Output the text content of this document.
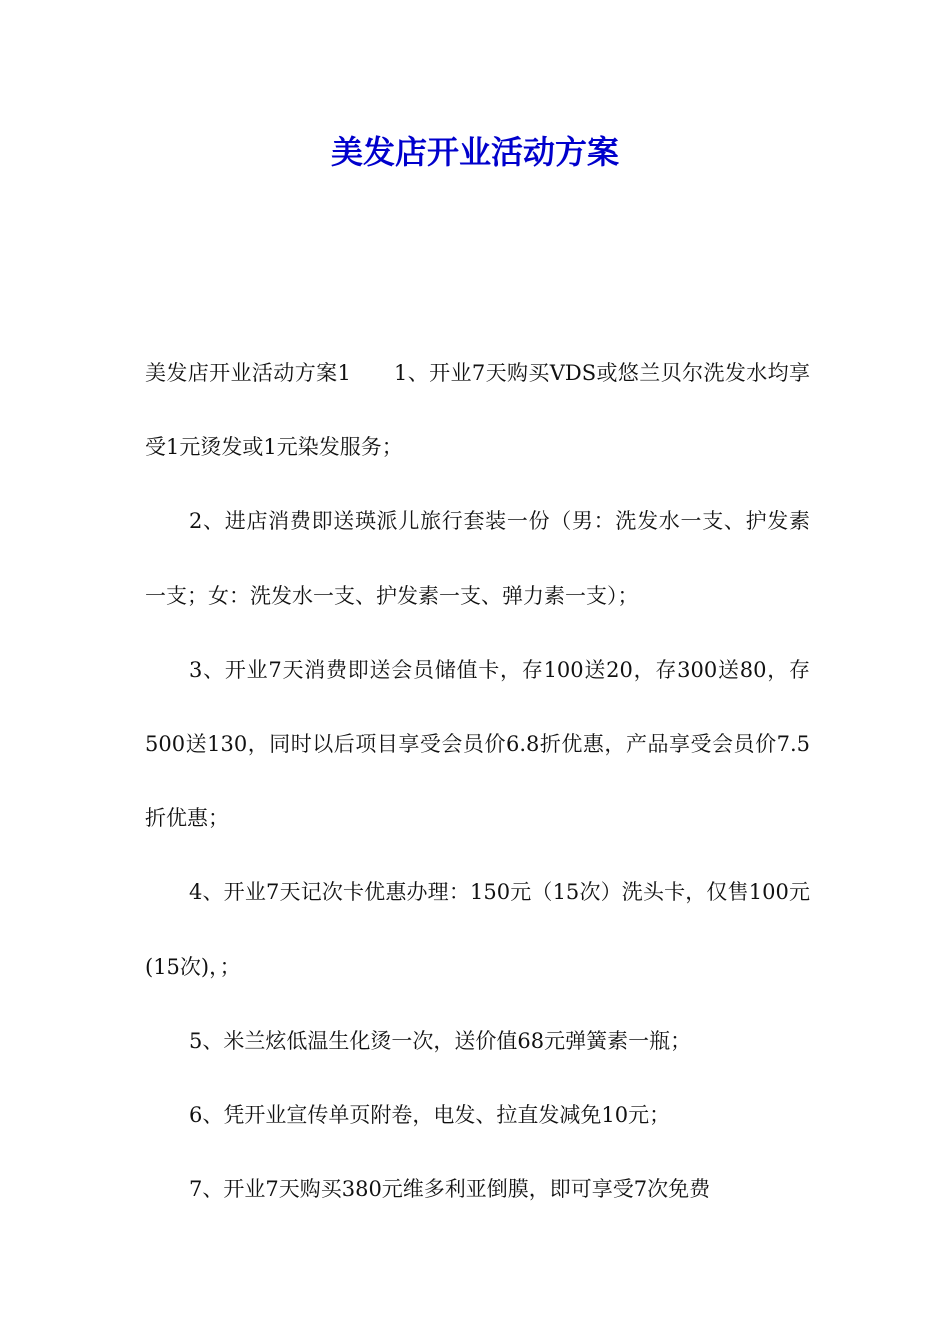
美发店开业活动方案

美发店开业活动方案1　　1、开业7天购买VDS或悠兰贝尔洗发水均享受1元烫发或1元染发服务；

2、进店消费即送瑛派儿旅行套装一份（男：洗发水一支、护发素一支；女：洗发水一支、护发素一支、弹力素一支）；

3、开业7天消费即送会员储值卡，存100送20，存300送80，存500送130，同时以后项目享受会员价6.8折优惠，产品享受会员价7.5折优惠；

4、开业7天记次卡优惠办理：150元（15次）洗头卡，仅售100元(15次)，；

5、米兰炫低温生化烫一次，送价值68元弹簧素一瓶；

6、凭开业宣传单页附卷，电发、拉直发减免10元；

7、开业7天购买380元维多利亚倒膜，即可享受7次免费
